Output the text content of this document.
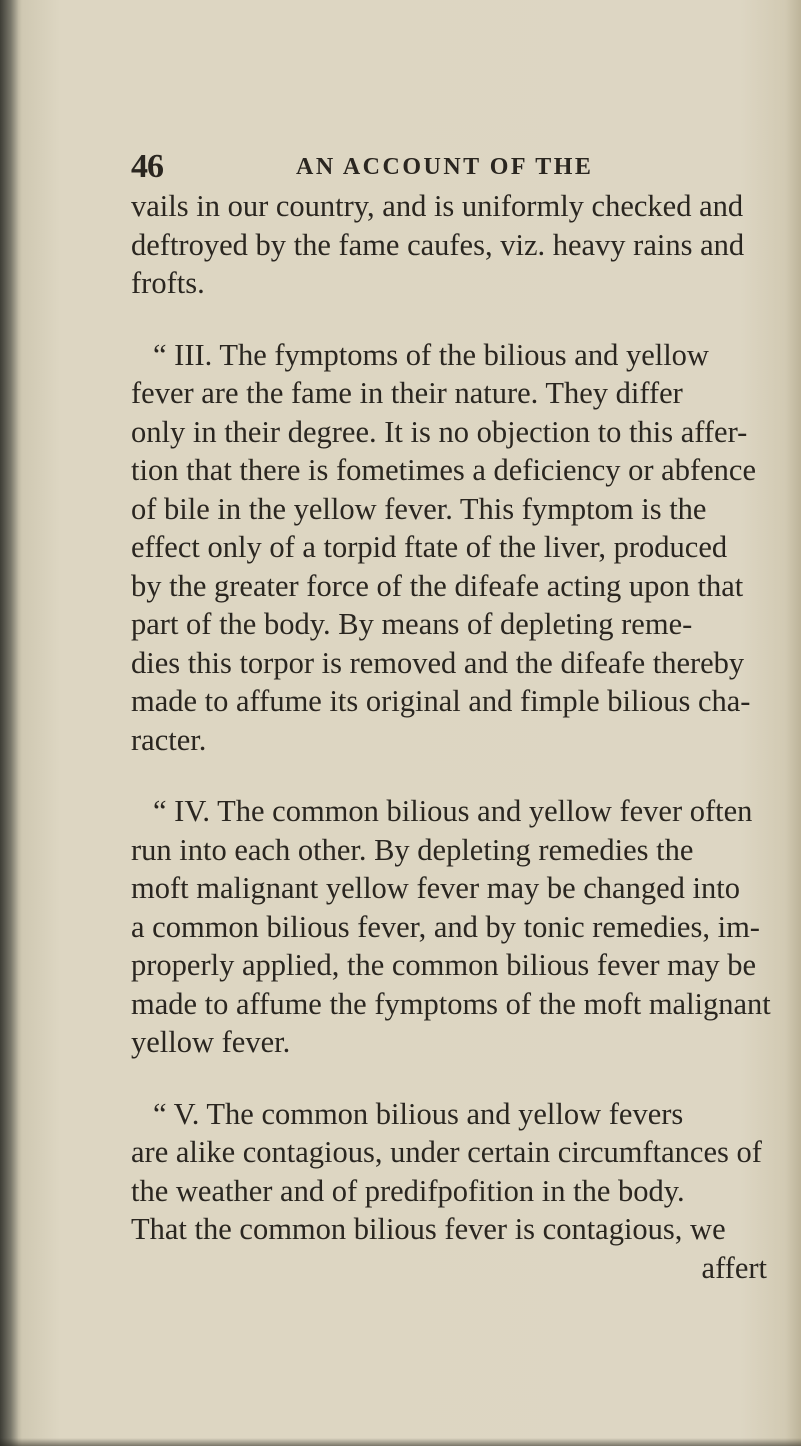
46	AN ACCOUNT OF THE
vails in our country, and is uniformly checked and
deftroyed by the fame caufes, viz. heavy rains and
frofts.
“ III. The fymptoms of the bilious and yellow
fever are the fame in their nature. They differ
only in their degree. It is no objection to this affer-
tion that there is fometimes a deficiency or abfence
of bile in the yellow fever. This fymptom is the
effect only of a torpid ftate of the liver, produced
by the greater force of the difeafe acting upon that
part of the body. By means of depleting reme-
dies this torpor is removed and the difeafe thereby
made to affume its original and fimple bilious cha-
racter.
“ IV. The common bilious and yellow fever often
run into each other. By depleting remedies the
moft malignant yellow fever may be changed into
a common bilious fever, and by tonic remedies, im-
properly applied, the common bilious fever may be
made to affume the fymptoms of the moft malignant
yellow fever.
“ V. The common bilious and yellow fevers
are alike contagious, under certain circumftances of
the weather and of predifpofition in the body.
That the common bilious fever is contagious, we
affert
